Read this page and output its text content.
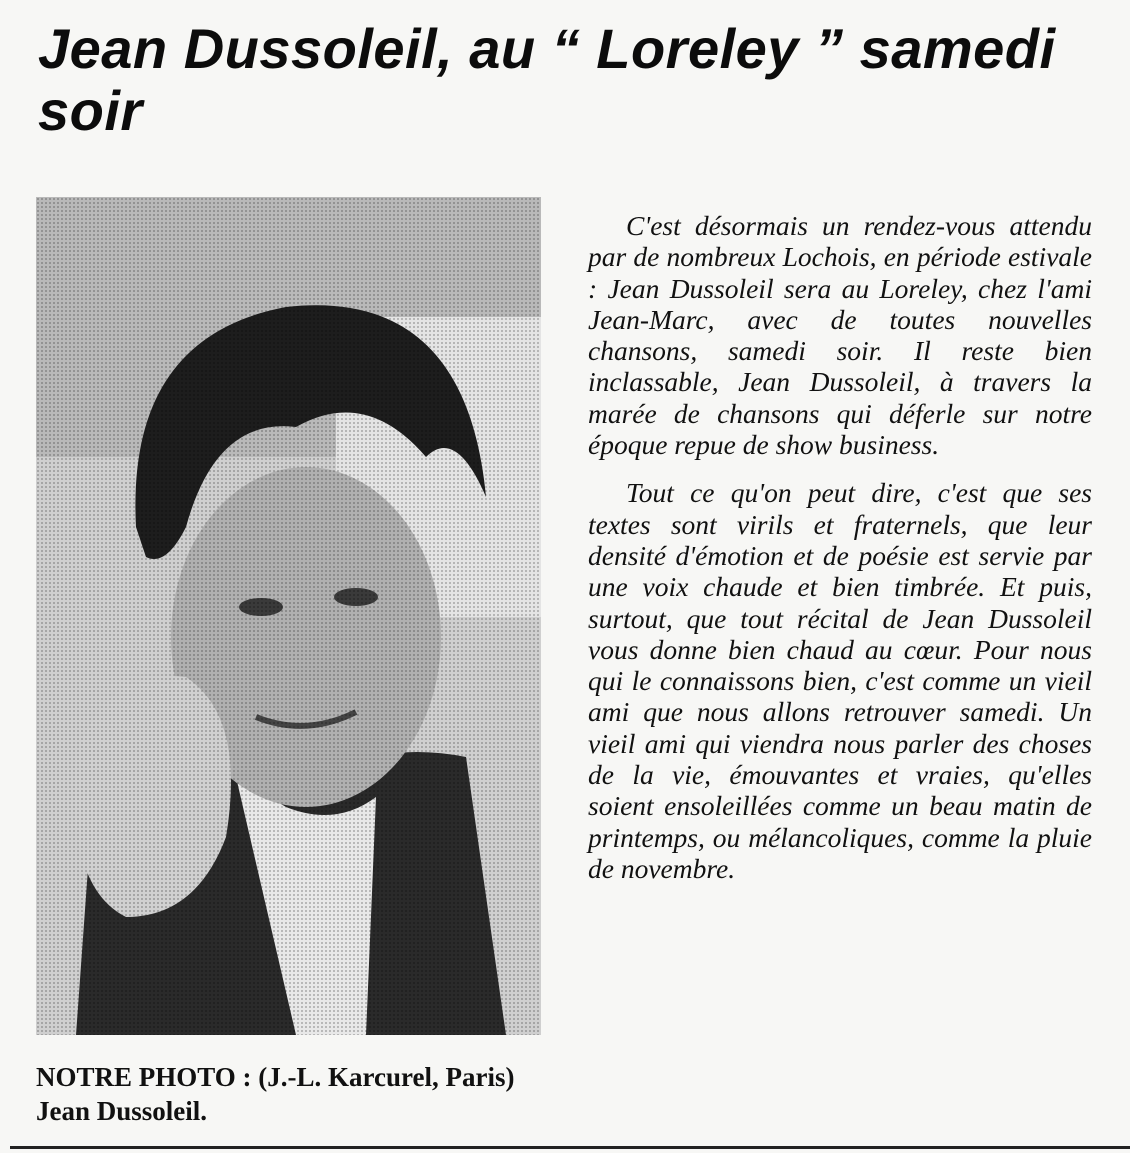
Jean Dussoleil, au “ Loreley ” samedi soir
NOTRE PHOTO : (J.-L. Karcurel, Paris) Jean Dussoleil.

C'est désormais un rendez-vous attendu par de nombreux Lochois, en période estivale : Jean Dussoleil sera au Loreley, chez l'ami Jean-Marc, avec de toutes nouvelles chansons, samedi soir. Il reste bien inclassable, Jean Dussoleil, à travers la marée de chansons qui déferle sur notre époque repue de show business.

Tout ce qu'on peut dire, c'est que ses textes sont virils et fraternels, que leur densité d'émotion et de poésie est servie par une voix chaude et bien timbrée. Et puis, surtout, que tout récital de Jean Dussoleil vous donne bien chaud au cœur. Pour nous qui le connaissons bien, c'est comme un vieil ami que nous allons retrouver samedi. Un vieil ami qui viendra nous parler des choses de la vie, émouvantes et vraies, qu'elles soient ensoleillées comme un beau matin de printemps, ou mélancoliques, comme la pluie de novembre.
